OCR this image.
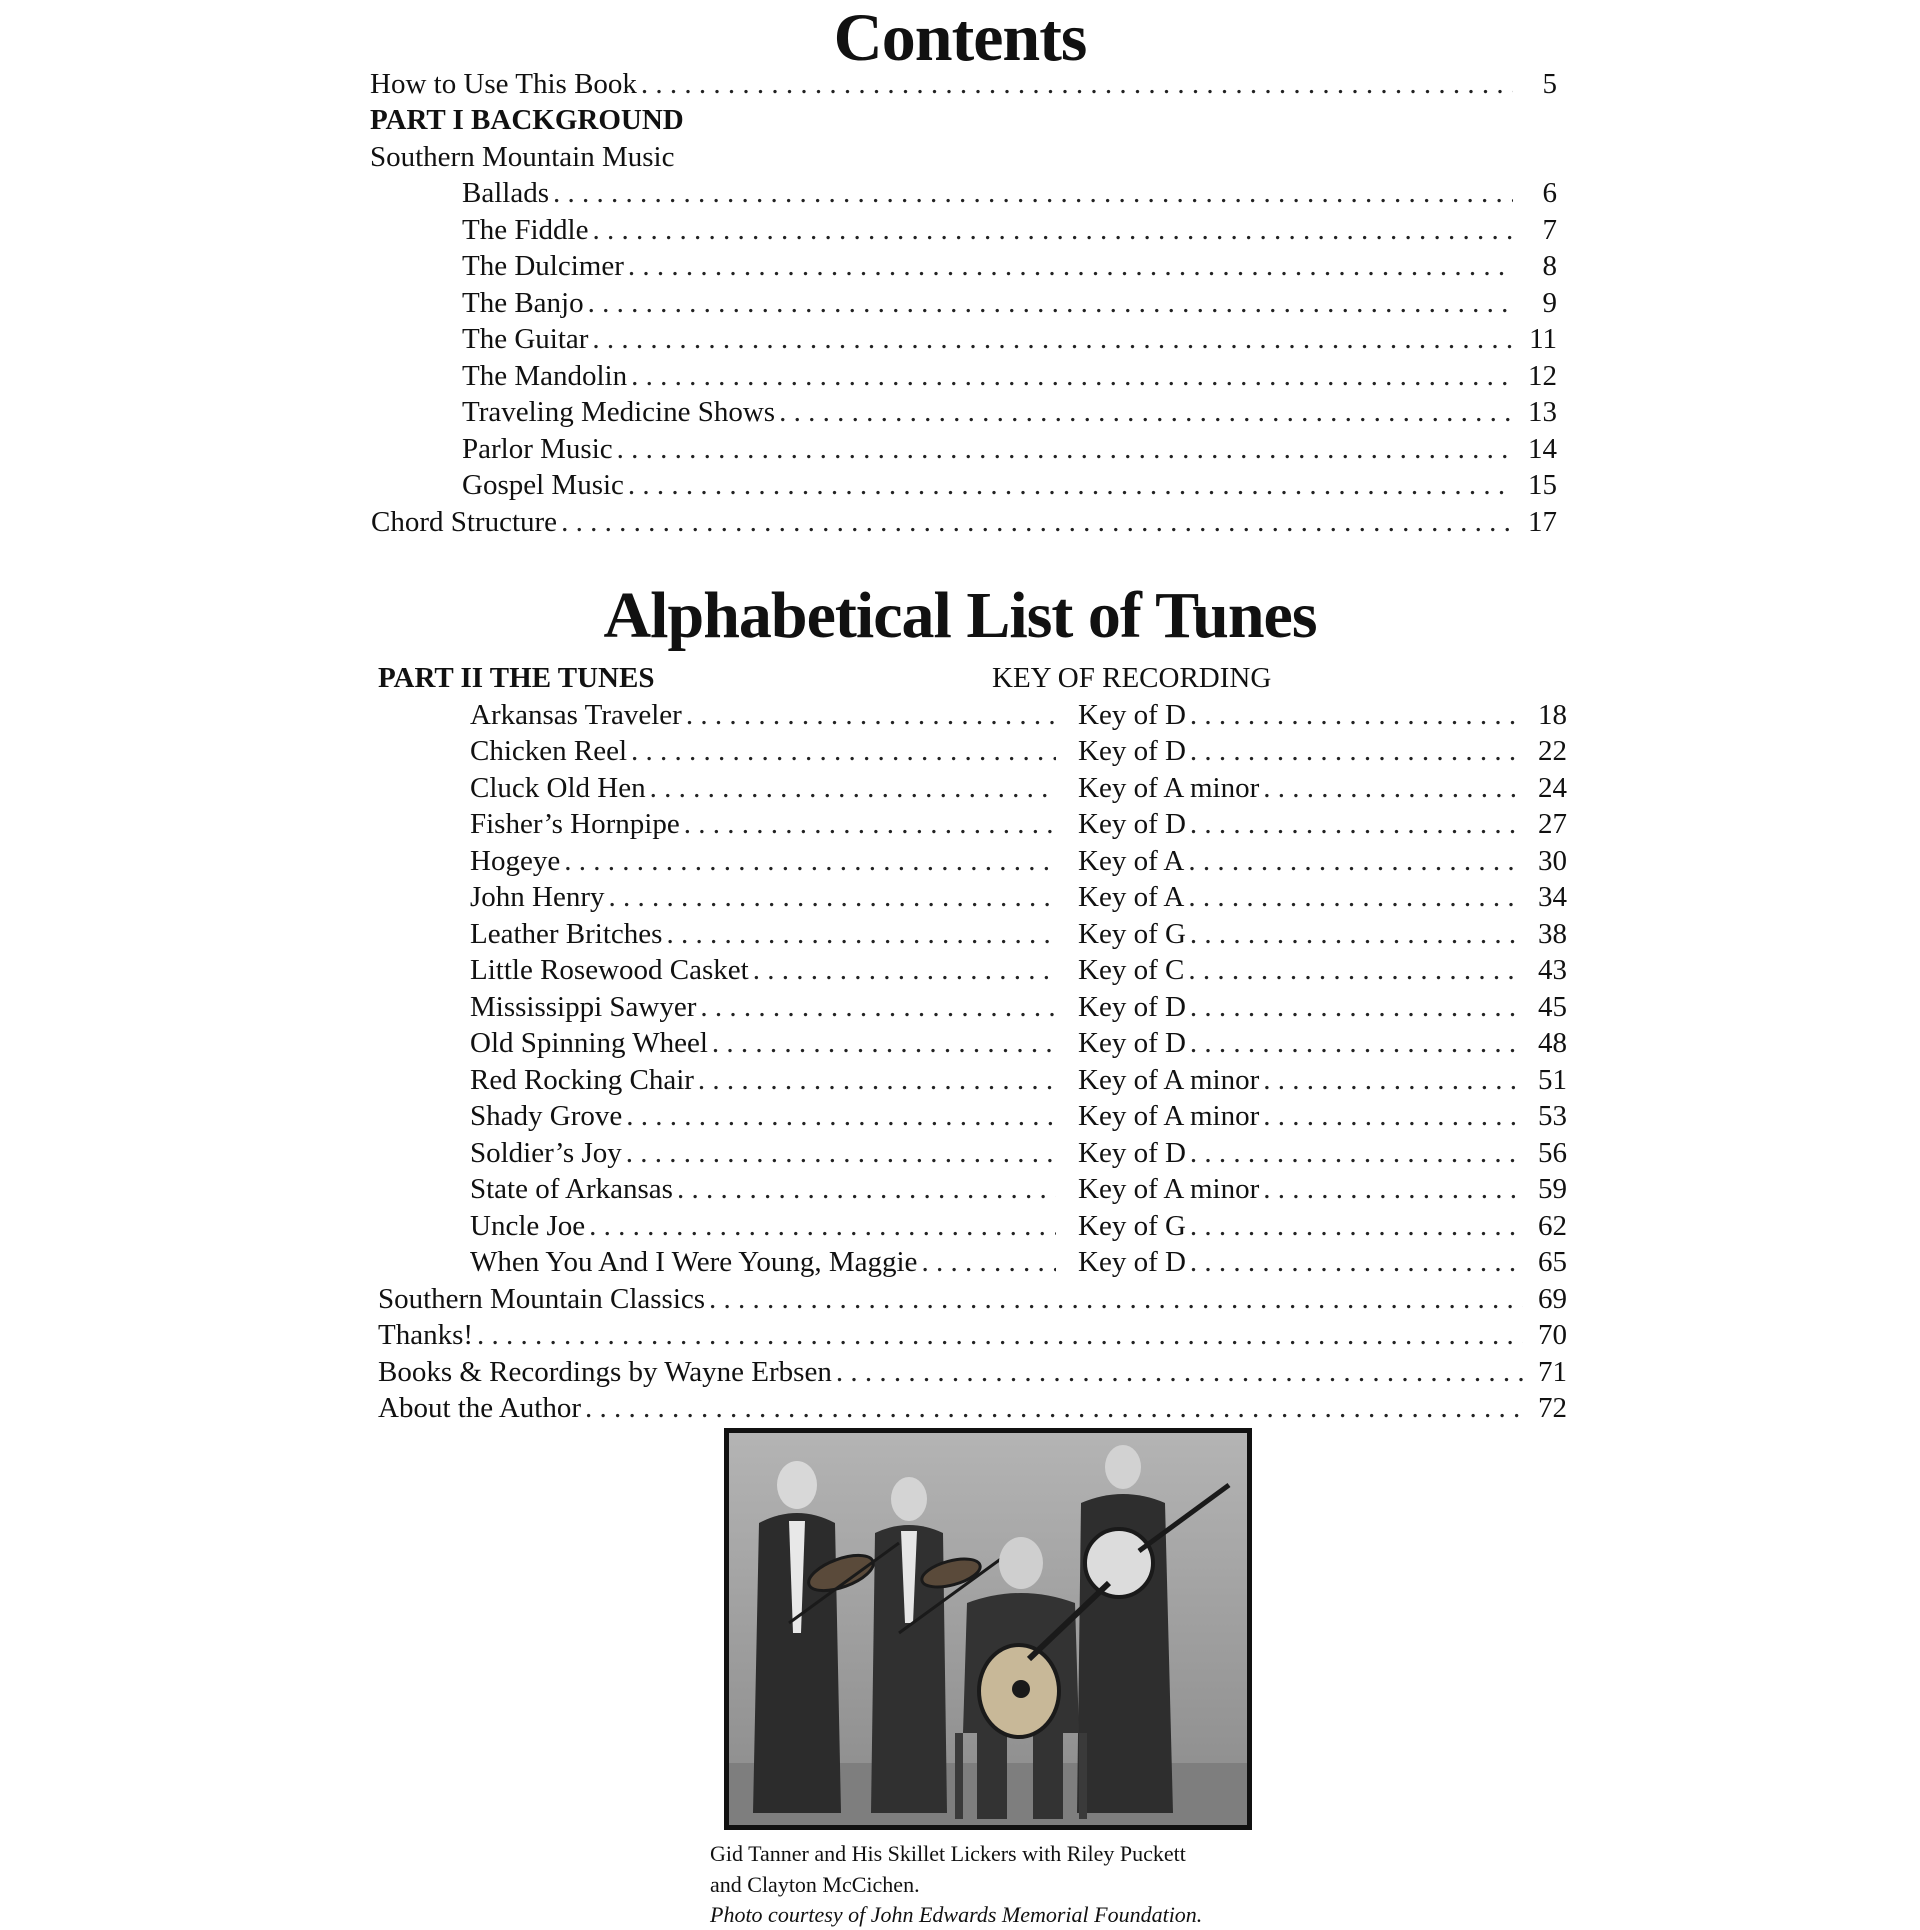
Contents
How to Use This Book . . .	5
PART I BACKGROUND
Southern Mountain Music
Ballads . . .	6
The Fiddle . . .	7
The Dulcimer . . .	8
The Banjo . . .	9
The Guitar . . .	11
The Mandolin . . .	12
Traveling Medicine Shows . . .	13
Parlor Music . . .	14
Gospel Music . . .	15
Chord Structure . . .	17
Alphabetical List of Tunes
PART II THE TUNES	KEY OF RECORDING
Arkansas Traveler . . .	Key of D . . .	18
Chicken Reel . . .	Key of D . . .	22
Cluck Old Hen . . .	Key of A minor . . .	24
Fisher’s Hornpipe . . .	Key of D . . .	27
Hogeye . . .	Key of A . . .	30
John Henry . . .	Key of A . . .	34
Leather Britches . . .	Key of G . . .	38
Little Rosewood Casket . . .	Key of C . . .	43
Mississippi Sawyer . . .	Key of D . . .	45
Old Spinning Wheel . . .	Key of D . . .	48
Red Rocking Chair . . .	Key of A minor . . .	51
Shady Grove . . .	Key of A minor . . .	53
Soldier’s Joy . . .	Key of D . . .	56
State of Arkansas . . .	Key of A minor . . .	59
Uncle Joe . . .	Key of G . . .	62
When You And I Were Young, Maggie . . .	Key of D . . .	65
Southern Mountain Classics . . .	69
Thanks! . . .	70
Books & Recordings by Wayne Erbsen . . .	71
About the Author . . .	72
Gid Tanner and His Skillet Lickers with Riley Puckett
and Clayton McCichen.
Photo courtesy of John Edwards Memorial Foundation.
